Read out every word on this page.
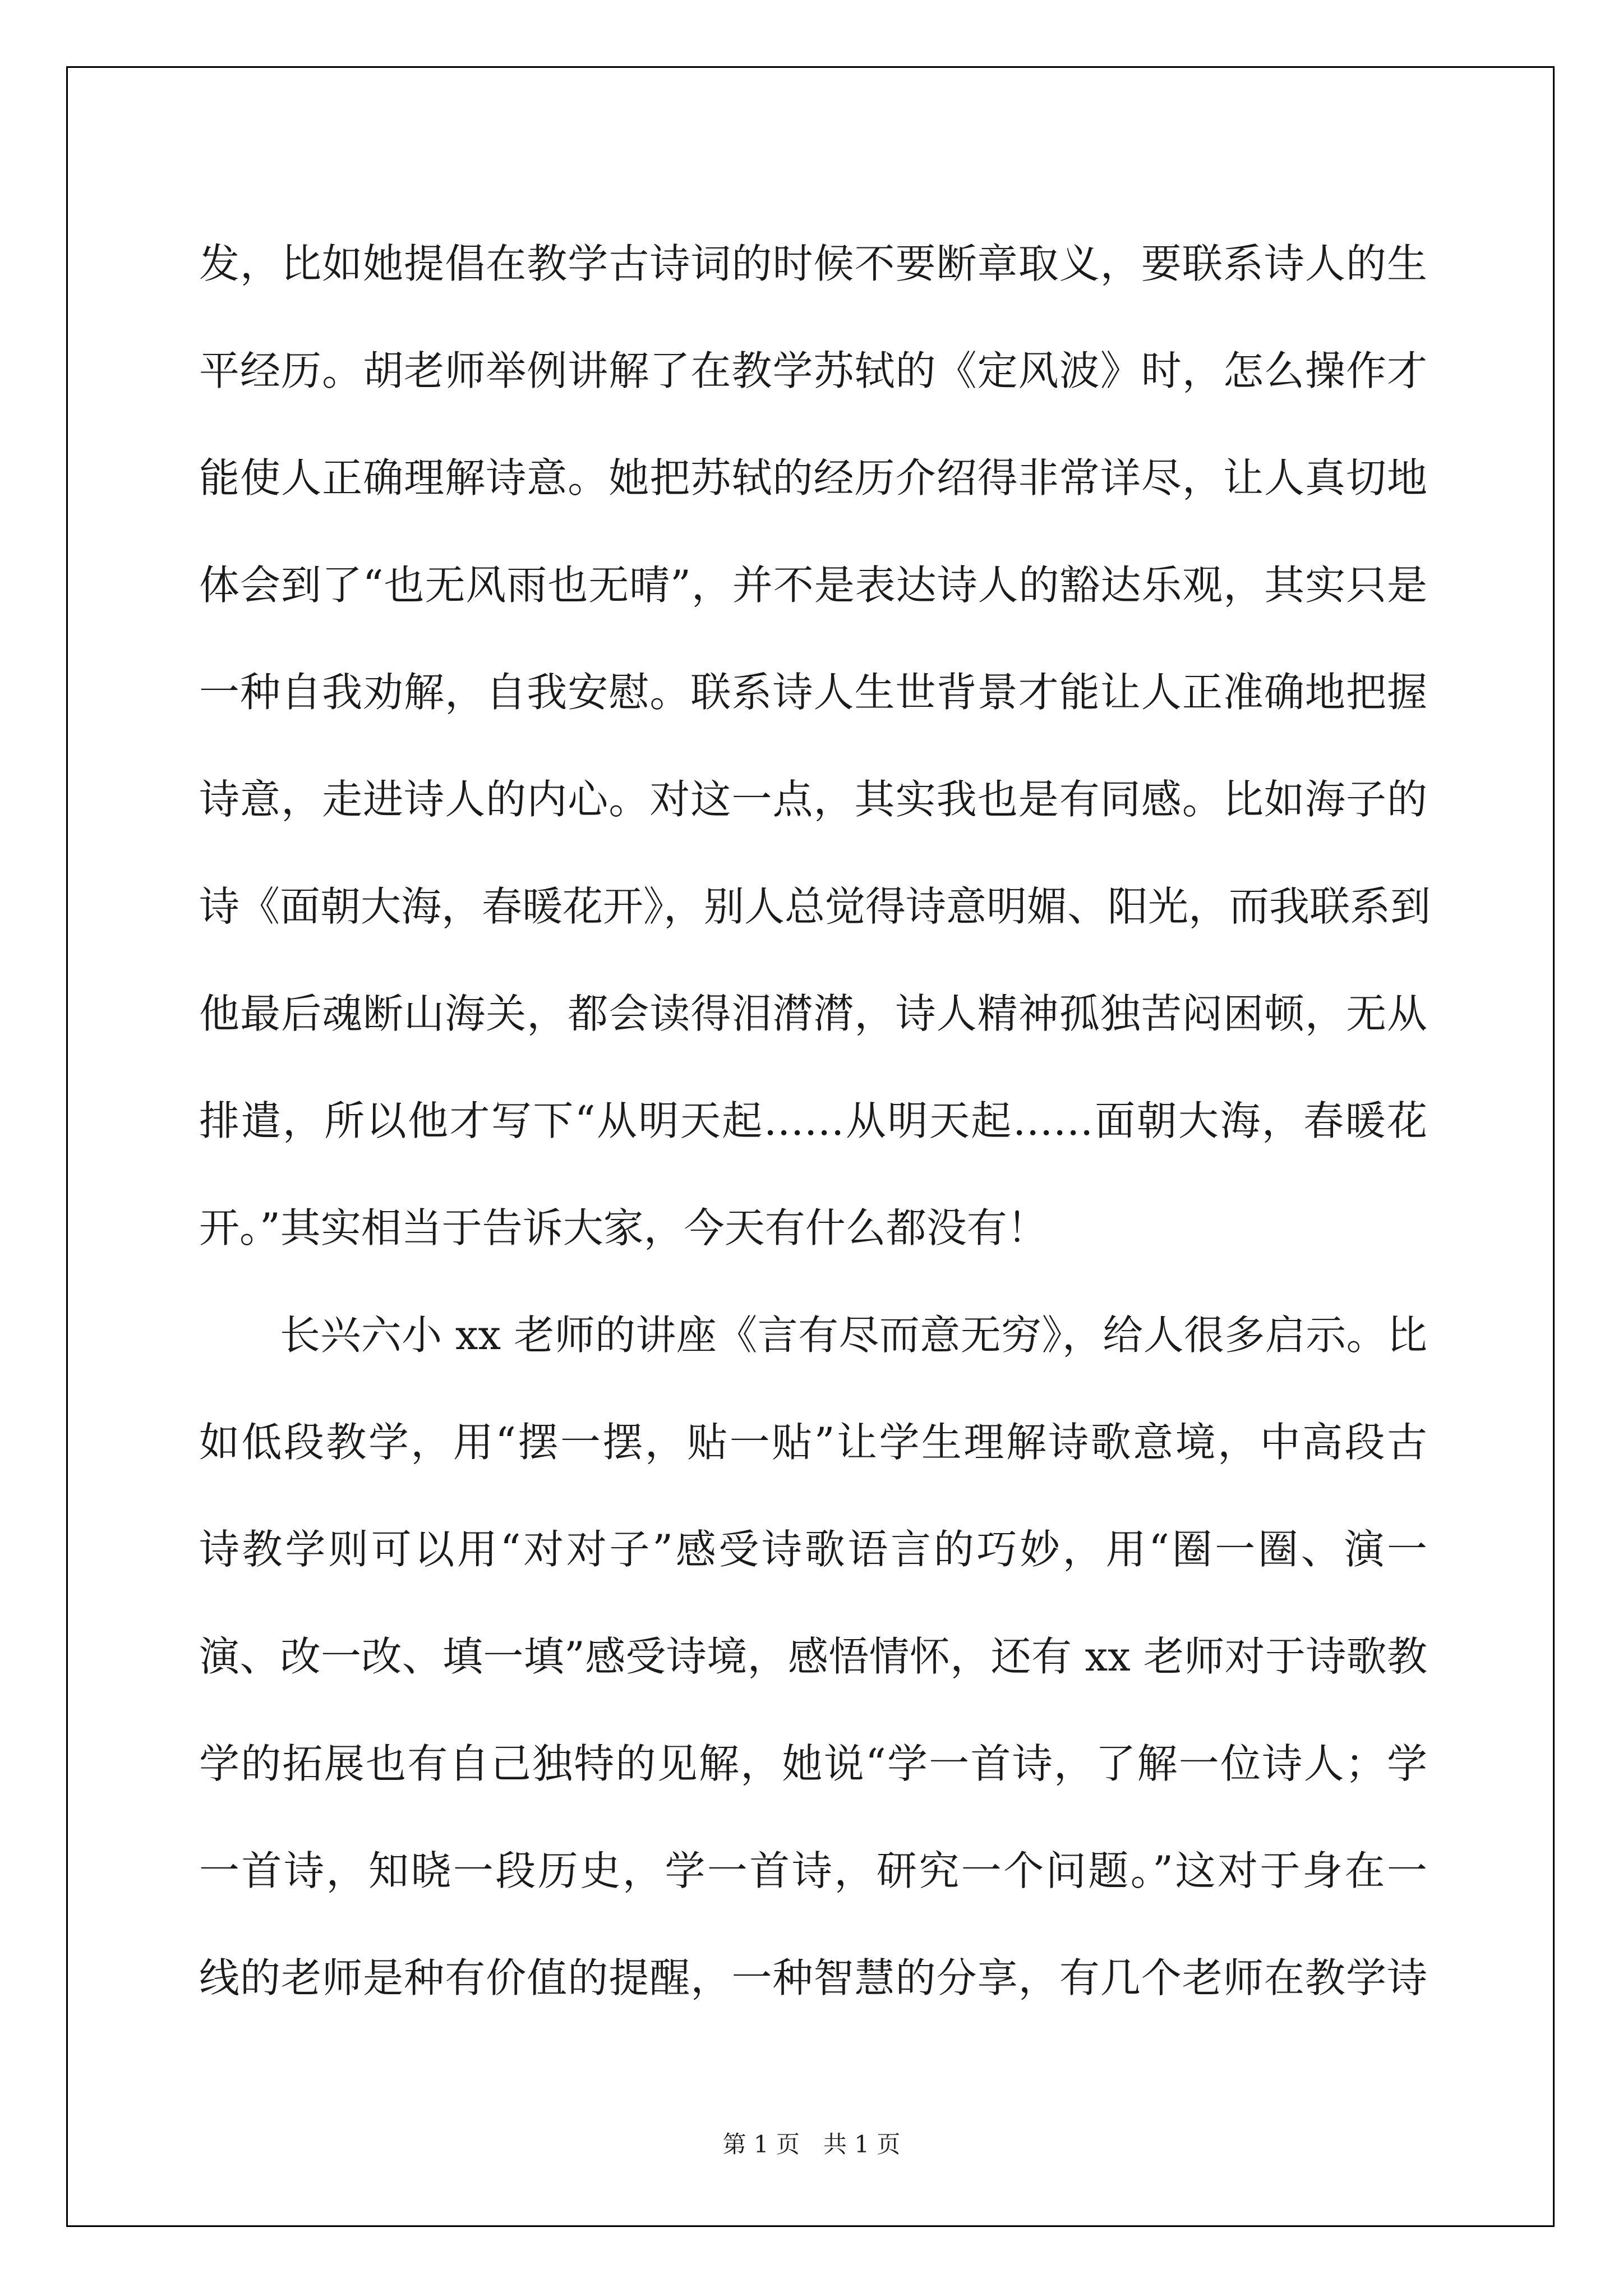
发，比如她提倡在教学古诗词的时候不要断章取义，要联系诗人的生
平经历。胡老师举例讲解了在教学苏轼的《定风波》时，怎么操作才
能使人正确理解诗意。她把苏轼的经历介绍得非常详尽，让人真切地
体会到了“也无风雨也无晴”，并不是表达诗人的豁达乐观，其实只是
一种自我劝解，自我安慰。联系诗人生世背景才能让人正准确地把握
诗意，走进诗人的内心。对这一点，其实我也是有同感。比如海子的
诗《面朝大海，春暖花开》，别人总觉得诗意明媚、阳光，而我联系到
他最后魂断山海关，都会读得泪潸潸，诗人精神孤独苦闷困顿，无从
排遣，所以他才写下“从明天起……从明天起……面朝大海，春暖花
开。”其实相当于告诉大家，今天有什么都没有！
长兴六小 xx 老师的讲座《言有尽而意无穷》，给人很多启示。比
如低段教学，用“摆一摆，贴一贴”让学生理解诗歌意境，中高段古
诗教学则可以用“对对子”感受诗歌语言的巧妙，用“圈一圈、演一
演、改一改、填一填”感受诗境，感悟情怀，还有 xx 老师对于诗歌教
学的拓展也有自己独特的见解，她说“学一首诗，了解一位诗人；学
一首诗，知晓一段历史，学一首诗，研究一个问题。”这对于身在一
线的老师是种有价值的提醒，一种智慧的分享，有几个老师在教学诗
第 1 页　共 1 页
